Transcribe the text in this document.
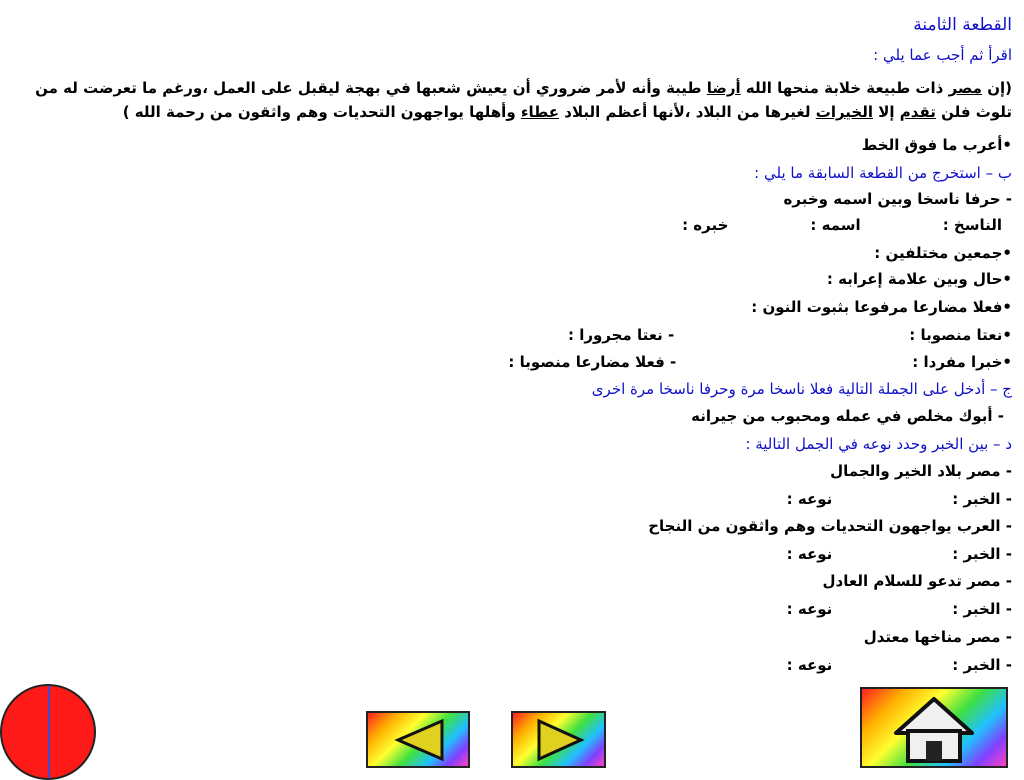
القطعة الثامنة
اقرأ ثم أجب عما يلي :
(إن مصر ذات طبيعة خلابة منحها الله أرضا طيبة وأنه لأمر ضروري أن يعيش شعبها في بهجة ليقبل على العمل ،ورغم ما تعرضت له من تلوث فلن تقدم إلا الخيرات لغيرها من البلاد ،لأنها أعظم البلاد عطاء وأهلها يواجهون التحديات وهم واثقون من رحمة الله )
•أعرب ما فوق الخط
ب – استخرج من القطعة السابقة ما يلي :
- حرفا ناسخا وبين اسمه وخبره
الناسخ :اسمه :خبره :
•جمعين مختلفين :
•حال وبين علامة إعرابه :
•فعلا مضارعا مرفوعا بثبوت النون :
•نعتا منصوبا :- نعتا مجرورا :
•خبرا مفردا :- فعلا مضارعا منصوبا :
ج – أدخل على الجملة التالية فعلا ناسخا مرة وحرفا ناسخا مرة اخرى
- أبوك مخلص في عمله ومحبوب من جيرانه
د – بين الخبر وحدد نوعه في الجمل التالية :
- مصر بلاد الخير والجمال
- الخبر :نوعه :
- العرب يواجهون التحديات وهم واثقون من النجاح
- الخبر :نوعه :
- مصر تدعو للسلام العادل
- الخبر :نوعه :
- مصر مناخها معتدل
- الخبر :نوعه :
